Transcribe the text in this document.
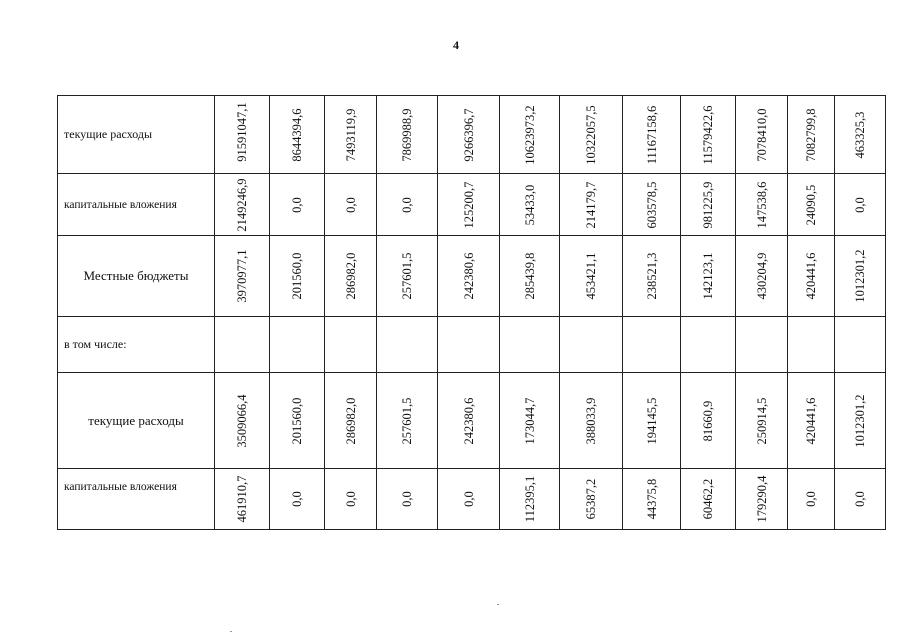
4
текущие расходы	91591047,1	8644394,6	7493119,9	7869988,9	9266396,7	10623973,2	10322057,5	11167158,6	11579422,6	7078410,0	7082799,8	463325,3
капитальные вложения	2149246,9	0,0	0,0	0,0	125200,7	53433,0	214179,7	603578,5	981225,9	147538,6	24090,5	0,0
Местные бюджеты	3970977,1	201560,0	286982,0	257601,5	242380,6	285439,8	453421,1	238521,3	142123,1	430204,9	420441,6	1012301,2
в том числе:
текущие расходы	3509066,4	201560,0	286982,0	257601,5	242380,6	173044,7	388033,9	194145,5	81660,9	250914,5	420441,6	1012301,2
капитальные вложения	461910,7	0,0	0,0	0,0	0,0	112395,1	65387,2	44375,8	60462,2	179290,4	0,0	0,0
